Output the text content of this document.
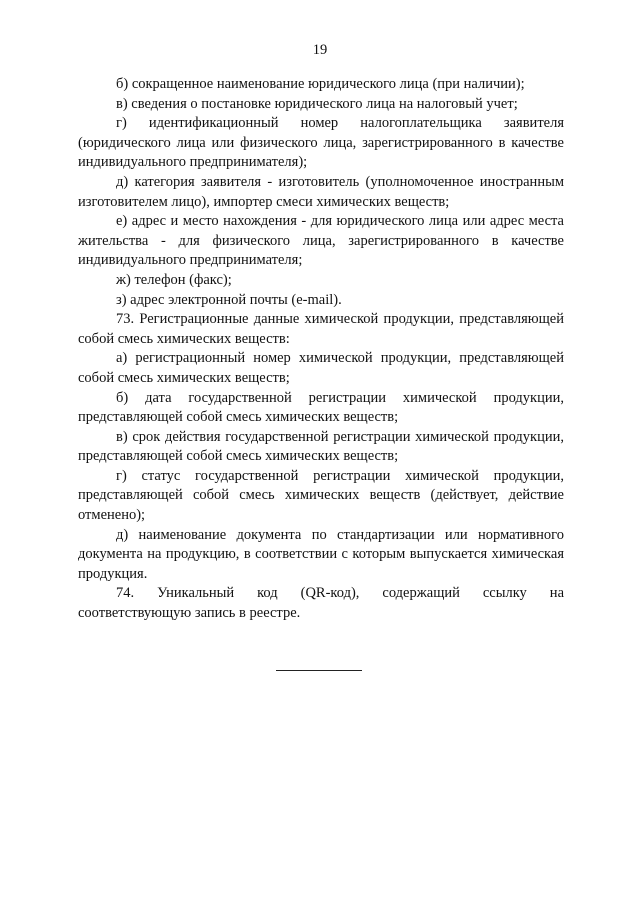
19

б) сокращенное наименование юридического лица (при наличии);

в) сведения о постановке юридического лица на налоговый учет;

г) идентификационный номер налогоплательщика заявителя (юридического лица или физического лица, зарегистрированного в качестве индивидуального предпринимателя);

д) категория заявителя - изготовитель (уполномоченное иностранным изготовителем лицо), импортер смеси химических веществ;

е) адрес и место нахождения - для юридического лица или адрес места жительства - для физического лица, зарегистрированного в качестве индивидуального предпринимателя;

ж) телефон (факс);

з) адрес электронной почты (e-mail).

73. Регистрационные данные химической продукции, представляющей собой смесь химических веществ:

а) регистрационный номер химической продукции, представляющей собой смесь химических веществ;

б) дата государственной регистрации химической продукции, представляющей собой смесь химических веществ;

в) срок действия государственной регистрации химической продукции, представляющей собой смесь химических веществ;

г) статус государственной регистрации химической продукции, представляющей собой смесь химических веществ (действует, действие отменено);

д) наименование документа по стандартизации или нормативного документа на продукцию, в соответствии с которым выпускается химическая продукция.

74. Уникальный код (QR-код), содержащий ссылку на соответствующую запись в реестре.
